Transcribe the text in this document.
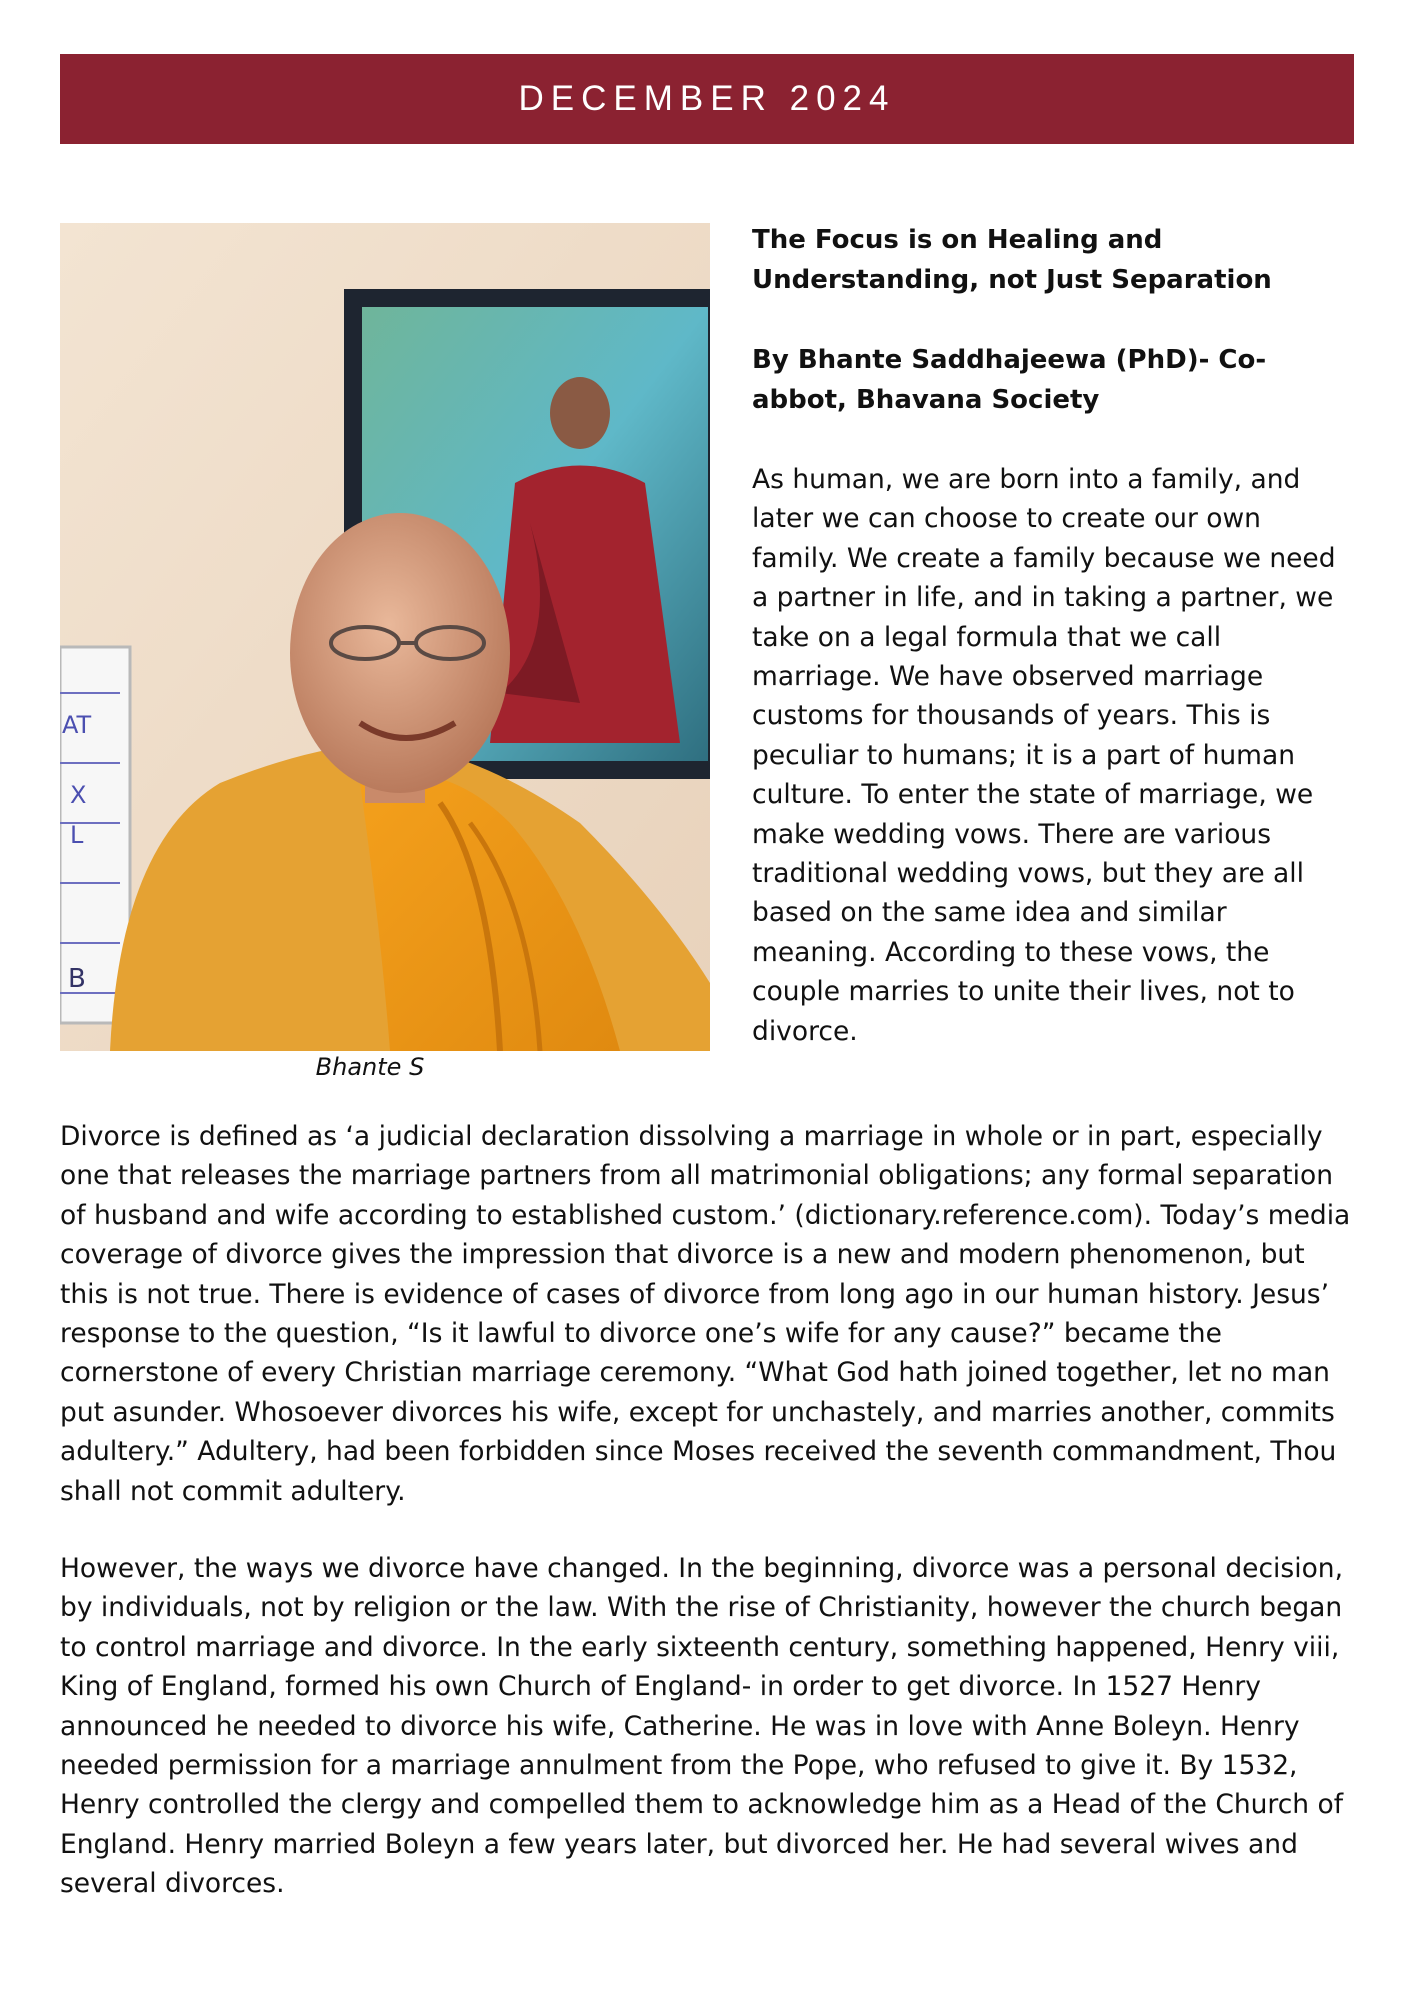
DECEMBER 2024
AT
X
L
B
Bhante S

The Focus is on Healing and Understanding, not Just Separation

By Bhante Saddhajeewa (PhD)- Co-abbot, Bhavana Society

As human, we are born into a family, and later we can choose to create our own family. We create a family because we need a partner in life, and in taking a partner, we take on a legal formula that we call marriage. We have observed marriage customs for thousands of years. This is peculiar to humans; it is a part of human culture. To enter the state of marriage, we make wedding vows. There are various traditional wedding vows, but they are all based on the same idea and similar meaning. According to these vows, the couple marries to unite their lives, not to divorce.

Divorce is defined as ‘a judicial declaration dissolving a marriage in whole or in part, especially one that releases the marriage partners from all matrimonial obligations; any formal separation of husband and wife according to established custom.’ (dictionary.reference.com). Today’s media coverage of divorce gives the impression that divorce is a new and modern phenomenon, but this is not true. There is evidence of cases of divorce from long ago in our human history. Jesus’ response to the question, “Is it lawful to divorce one’s wife for any cause?” became the cornerstone of every Christian marriage ceremony. “What God hath joined together, let no man put asunder. Whosoever divorces his wife, except for unchastely, and marries another, commits adultery.” Adultery, had been forbidden since Moses received the seventh commandment, Thou shall not commit adultery.

However, the ways we divorce have changed. In the beginning, divorce was a personal decision, by individuals, not by religion or the law. With the rise of Christianity, however the church began to control marriage and divorce. In the early sixteenth century, something happened, Henry viii, King of England, formed his own Church of England- in order to get divorce. In 1527 Henry announced he needed to divorce his wife, Catherine. He was in love with Anne Boleyn. Henry needed permission for a marriage annulment from the Pope, who refused to give it. By 1532, Henry controlled the clergy and compelled them to acknowledge him as a Head of the Church of England. Henry married Boleyn a few years later, but divorced her. He had several wives and several divorces.
